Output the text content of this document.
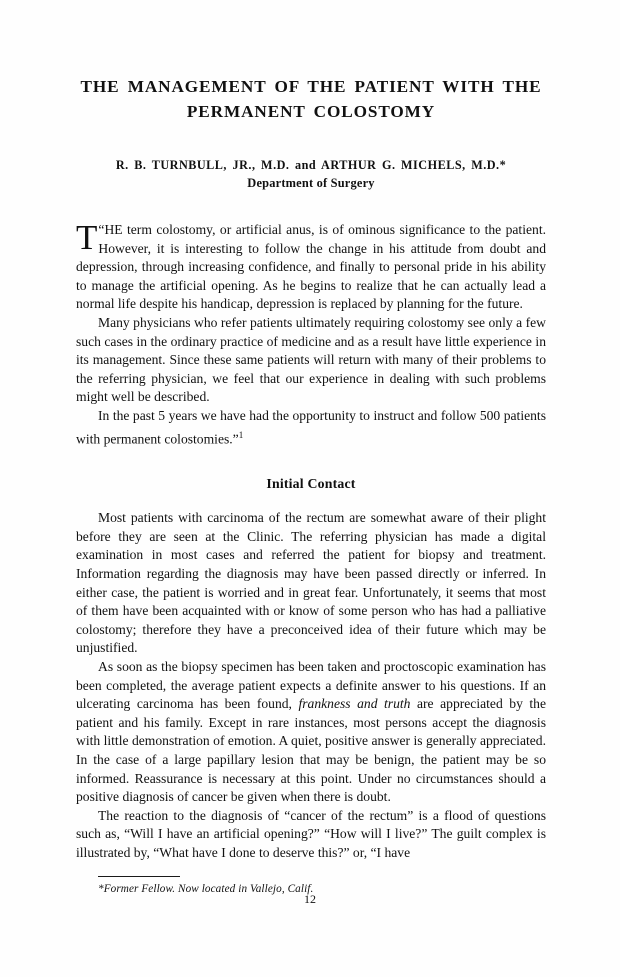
THE MANAGEMENT OF THE PATIENT WITH THE
PERMANENT COLOSTOMY
R. B. TURNBULL, JR., M.D. and ARTHUR G. MICHELS, M.D.*
Department of Surgery

“
T HE term colostomy, or artificial anus, is of ominous significance to the patient. However, it is interesting to follow the change in his attitude from doubt and depression, through increasing confidence, and finally to personal pride in his ability to manage the artificial opening. As he begins to realize that he can actually lead a normal life despite his handicap, depression is replaced by planning for the future.

Many physicians who refer patients ultimately requiring colostomy see only a few such cases in the ordinary practice of medicine and as a result have little experience in its management. Since these same patients will return with many of their problems to the referring physician, we feel that our experience in dealing with such problems might well be described.

In the past 5 years we have had the opportunity to instruct and follow 500 patients with permanent colostomies.”$^1$

Initial Contact

Most patients with carcinoma of the rectum are somewhat aware of their plight before they are seen at the Clinic. The referring physician has made a digital examination in most cases and referred the patient for biopsy and treatment. Information regarding the diagnosis may have been passed directly or inferred. In either case, the patient is worried and in great fear. Unfortunately, it seems that most of them have been acquainted with or know of some person who has had a palliative colostomy; therefore they have a preconceived idea of their future which may be unjustified.

As soon as the biopsy specimen has been taken and proctoscopic examination has been completed, the average patient expects a definite answer to his questions. If an ulcerating carcinoma has been found, frankness and truth are appreciated by the patient and his family. Except in rare instances, most persons accept the diagnosis with little demonstration of emotion. A quiet, positive answer is generally appreciated. In the case of a large papillary lesion that may be benign, the patient may be so informed. Reassurance is necessary at this point. Under no circumstances should a positive diagnosis of cancer be given when there is doubt.

The reaction to the diagnosis of “cancer of the rectum” is a flood of questions such as, “Will I have an artificial opening?” “How will I live?” The guilt complex is illustrated by, “What have I done to deserve this?” or, “I have

*Former Fellow. Now located in Vallejo, Calif.
12
